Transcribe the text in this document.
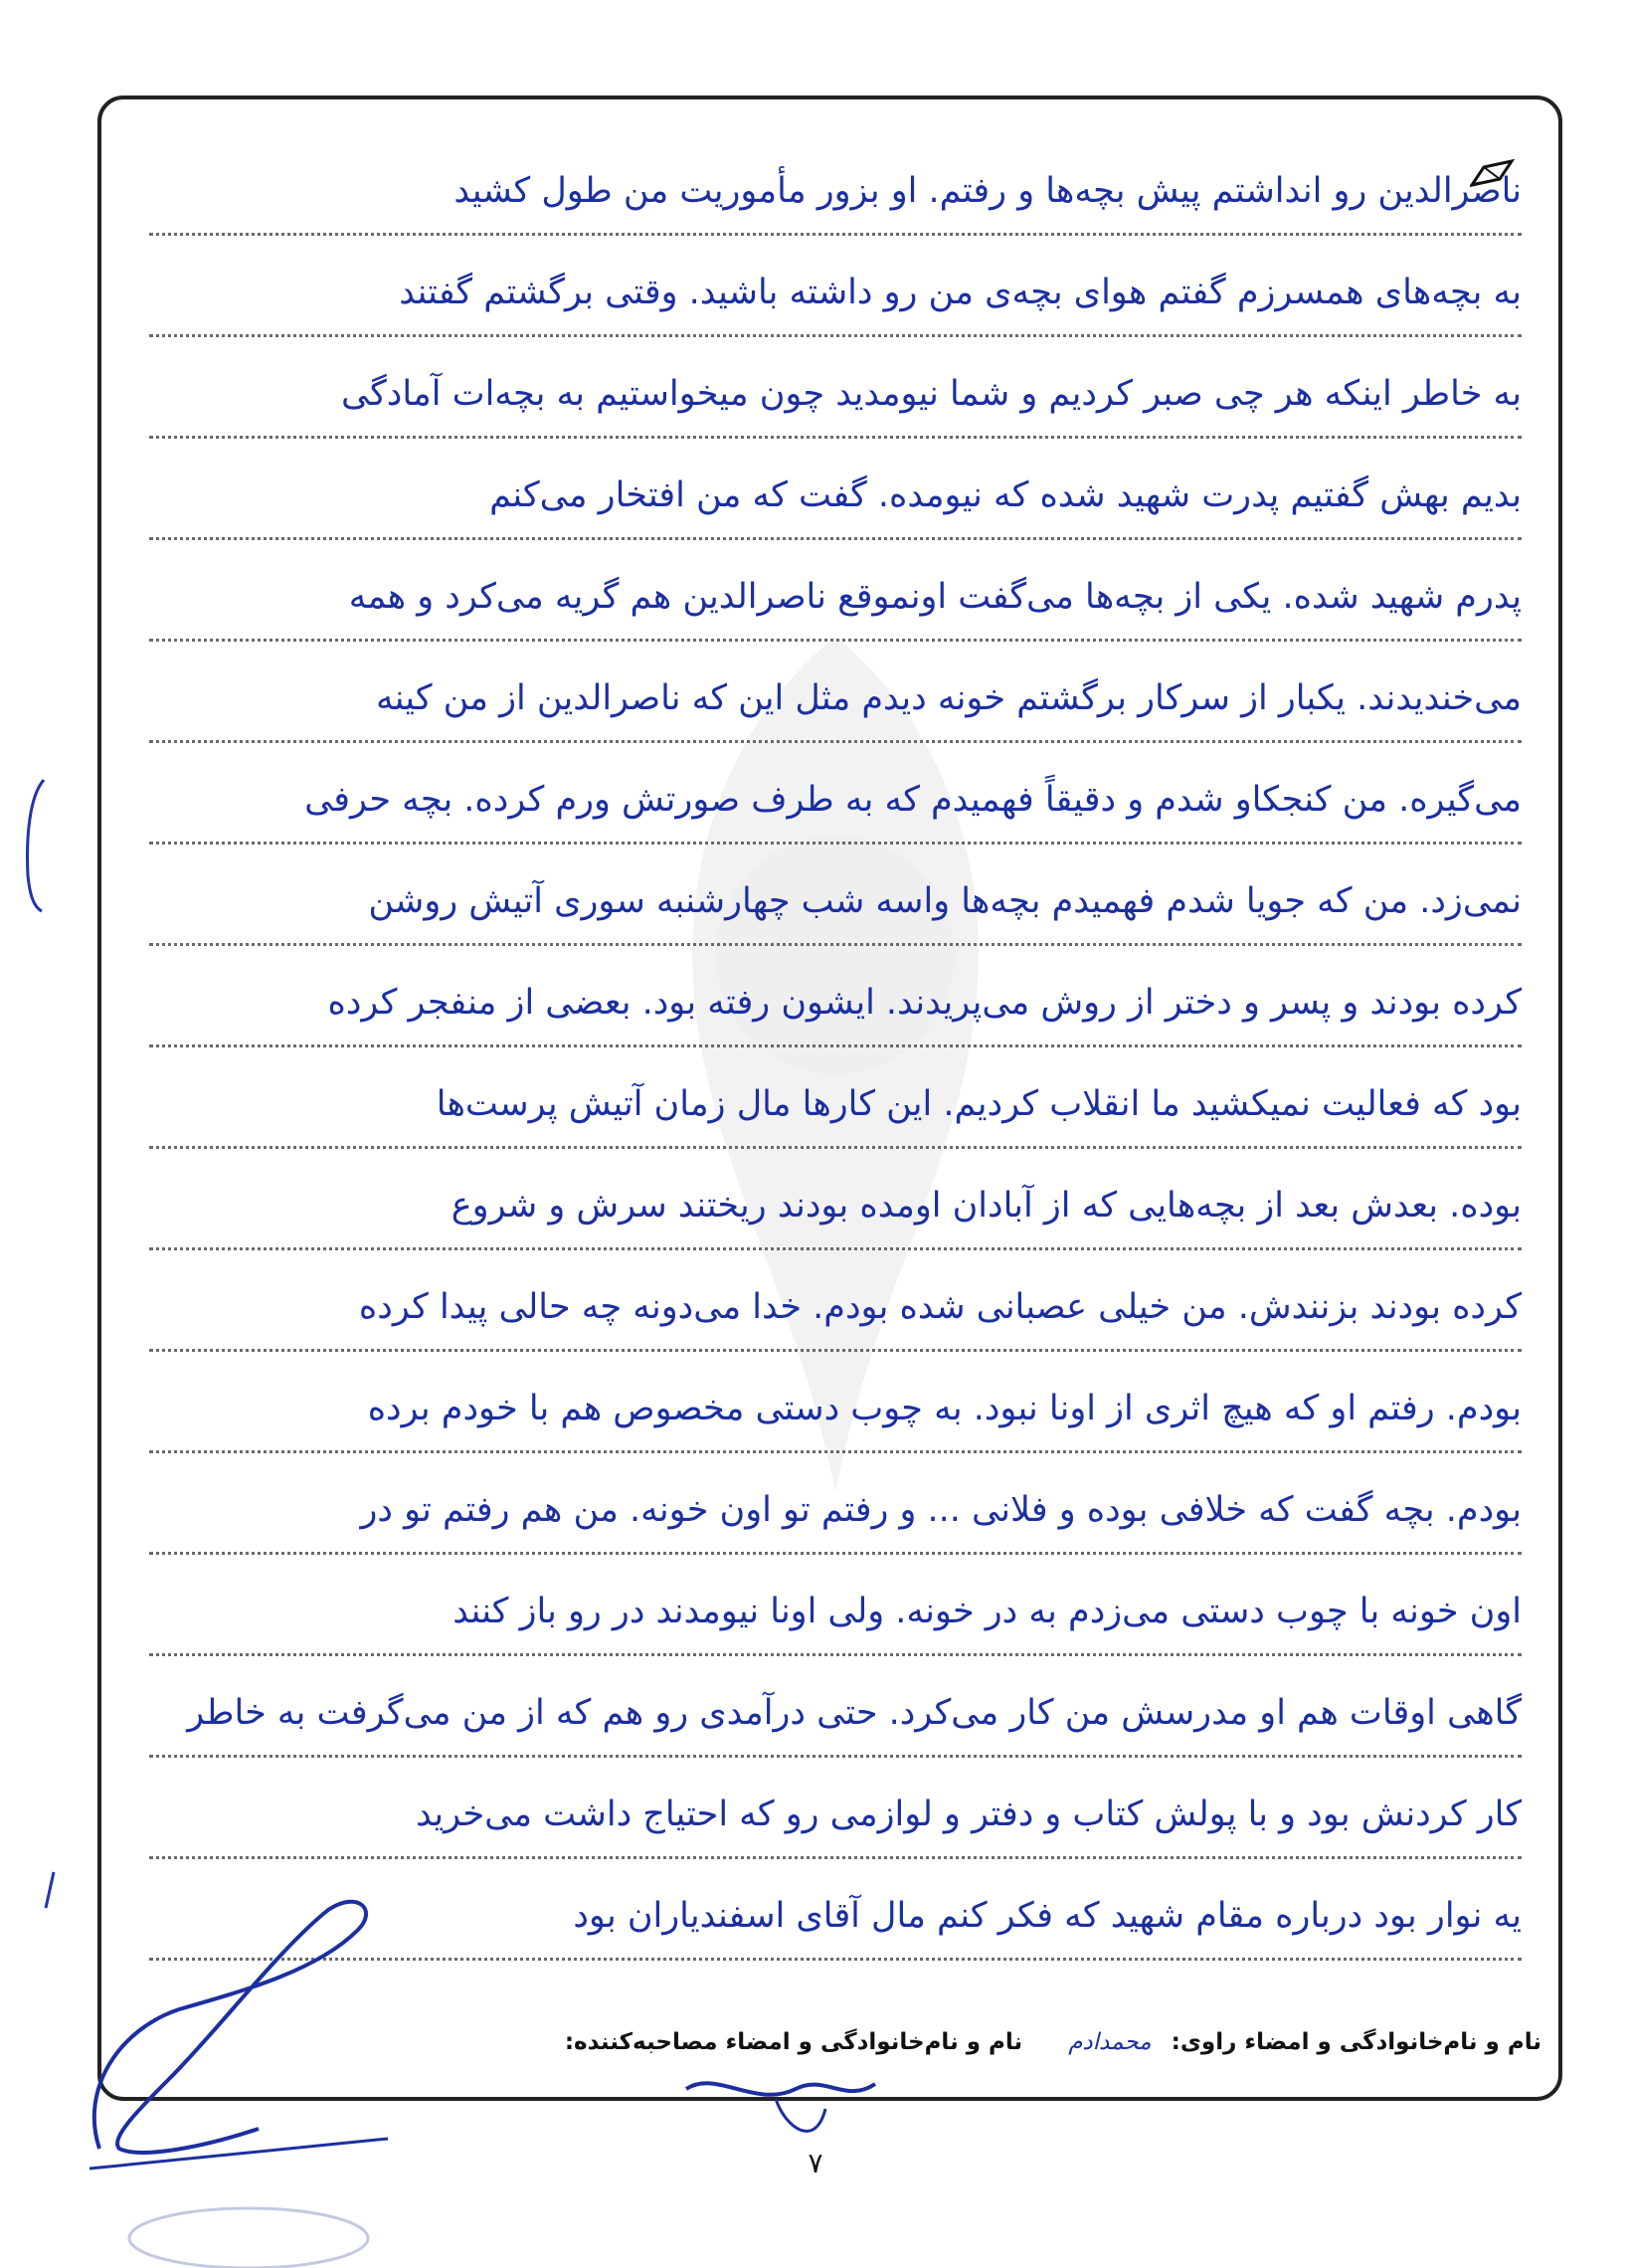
ناصرالدین رو انداشتم پیش بچه‌ها و رفتم. او بزور مأموریت من طول کشید
به بچه‌های همسرزم گفتم هوای بچه‌ی من رو داشته باشید. وقتی برگشتم گفتند
به خاطر اینکه هر چی صبر کردیم و شما نیومدید چون میخواستیم به بچه‌ات آمادگی
بدیم بهش گفتیم پدرت شهید شده که نیومده. گفت که من افتخار می‌کنم
پدرم شهید شده. یکی از بچه‌ها می‌گفت اونموقع ناصرالدین هم گریه می‌کرد و همه
می‌خندیدند. یکبار از سرکار برگشتم خونه دیدم مثل این که ناصرالدین از من کینه
می‌گیره. من کنجکاو شدم و دقیقاً فهمیدم که به طرف صورتش ورم کرده. بچه حرفی
نمی‌زد. من که جویا شدم فهمیدم بچه‌ها واسه شب چهارشنبه سوری آتیش روشن
کرده بودند و پسر و دختر از روش می‌پریدند. ایشون رفته بود. بعضی از منفجر کرده
بود که فعالیت نمیکشید ما انقلاب کردیم. این کارها مال زمان آتیش پرست‌ها
بوده. بعدش بعد از بچه‌هایی که از آبادان اومده بودند ریختند سرش و شروع
کرده بودند بزنندش. من خیلی عصبانی شده بودم. خدا می‌دونه چه حالی پیدا کرده
بودم. رفتم او که هیچ اثری از اونا نبود. به چوب دستی مخصوص هم با خودم برده
بودم. بچه گفت که خلافی بوده و فلانی ... و رفتم تو اون خونه. من هم رفتم تو در
اون خونه با چوب دستی می‌زدم به در خونه. ولی اونا نیومدند در رو باز کنند
گاهی اوقات هم او مدرسش من کار می‌کرد. حتی درآمدی رو هم که از من می‌گرفت به خاطر
کار کردنش بود و با پولش کتاب و دفتر و لوازمی رو که احتیاج داشت می‌خرید
یه نوار بود درباره مقام شهید که فکر کنم مال آقای اسفندیاران بود
نام و نام‌خانوادگی و امضاء راوی: محمدادم  نام و نام‌خانوادگی و امضاء مصاحبه‌کننده:
۷
